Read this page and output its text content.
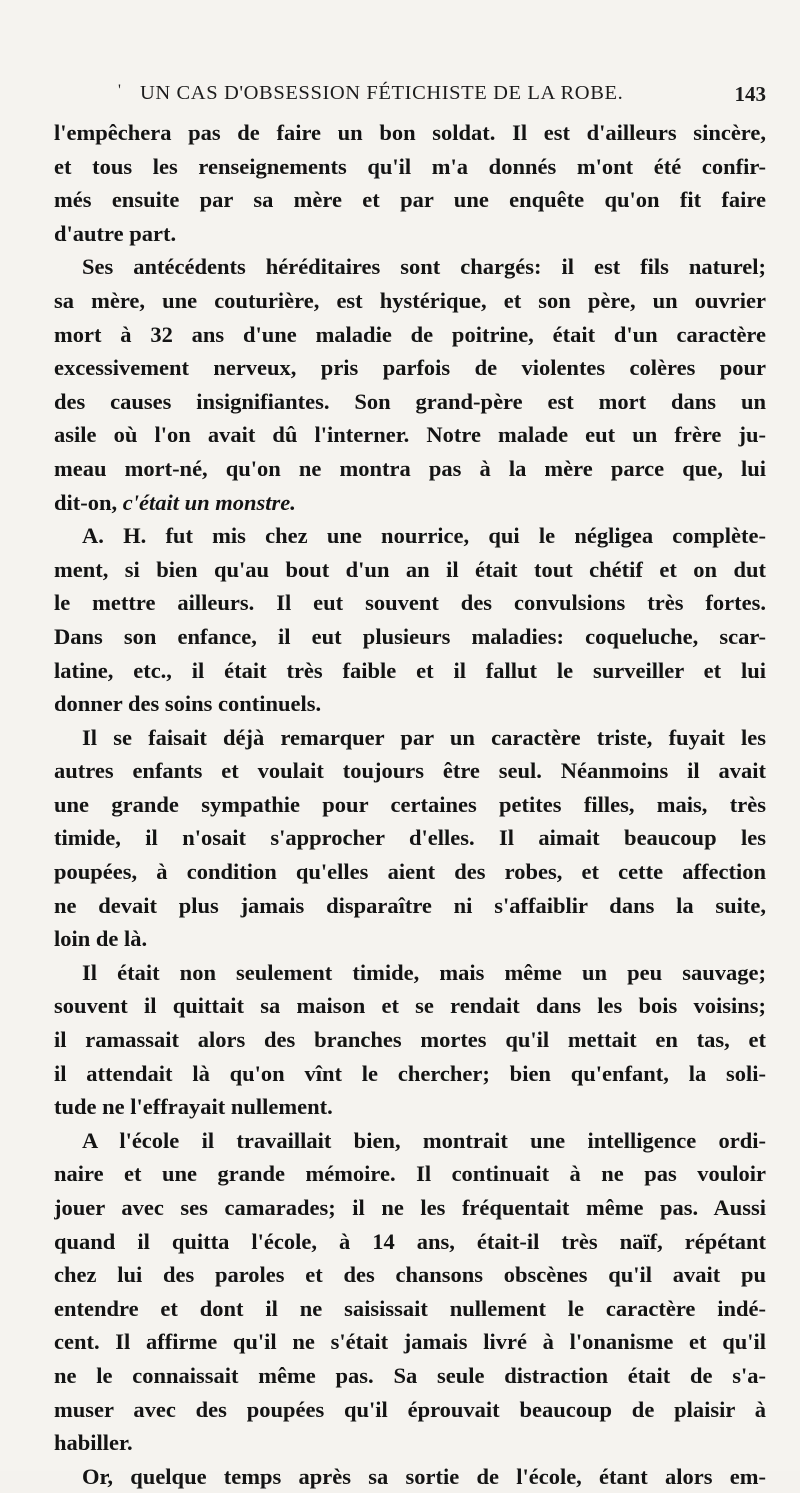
' UN CAS D'OBSESSION FÉTICHISTE DE LA ROBE.	143
l'empêchera pas de faire un bon soldat. Il est d'ailleurs sincère,
et tous les renseignements qu'il m'a donnés m'ont été confir-
més ensuite par sa mère et par une enquête qu'on fit faire
d'autre part.
Ses antécédents héréditaires sont chargés: il est fils naturel;
sa mère, une couturière, est hystérique, et son père, un ouvrier
mort à 32 ans d'une maladie de poitrine, était d'un caractère
excessivement nerveux, pris parfois de violentes colères pour
des causes insignifiantes. Son grand-père est mort dans un
asile où l'on avait dû l'interner. Notre malade eut un frère ju-
meau mort-né, qu'on ne montra pas à la mère parce que, lui
dit-on, c'était un monstre.
A. H. fut mis chez une nourrice, qui le négligea complète-
ment, si bien qu'au bout d'un an il était tout chétif et on dut
le mettre ailleurs. Il eut souvent des convulsions très fortes.
Dans son enfance, il eut plusieurs maladies: coqueluche, scar-
latine, etc., il était très faible et il fallut le surveiller et lui
donner des soins continuels.
Il se faisait déjà remarquer par un caractère triste, fuyait les
autres enfants et voulait toujours être seul. Néanmoins il avait
une grande sympathie pour certaines petites filles, mais, très
timide, il n'osait s'approcher d'elles. Il aimait beaucoup les
poupées, à condition qu'elles aient des robes, et cette affection
ne devait plus jamais disparaître ni s'affaiblir dans la suite,
loin de là.
Il était non seulement timide, mais même un peu sauvage;
souvent il quittait sa maison et se rendait dans les bois voisins;
il ramassait alors des branches mortes qu'il mettait en tas, et
il attendait là qu'on vînt le chercher; bien qu'enfant, la soli-
tude ne l'effrayait nullement.
A l'école il travaillait bien, montrait une intelligence ordi-
naire et une grande mémoire. Il continuait à ne pas vouloir
jouer avec ses camarades; il ne les fréquentait même pas. Aussi
quand il quitta l'école, à 14 ans, était-il très naïf, répétant
chez lui des paroles et des chansons obscènes qu'il avait pu
entendre et dont il ne saisissait nullement le caractère indé-
cent. Il affirme qu'il ne s'était jamais livré à l'onanisme et qu'il
ne le connaissait même pas. Sa seule distraction était de s'a-
muser avec des poupées qu'il éprouvait beaucoup de plaisir à
habiller.
Or, quelque temps après sa sortie de l'école, étant alors em-
